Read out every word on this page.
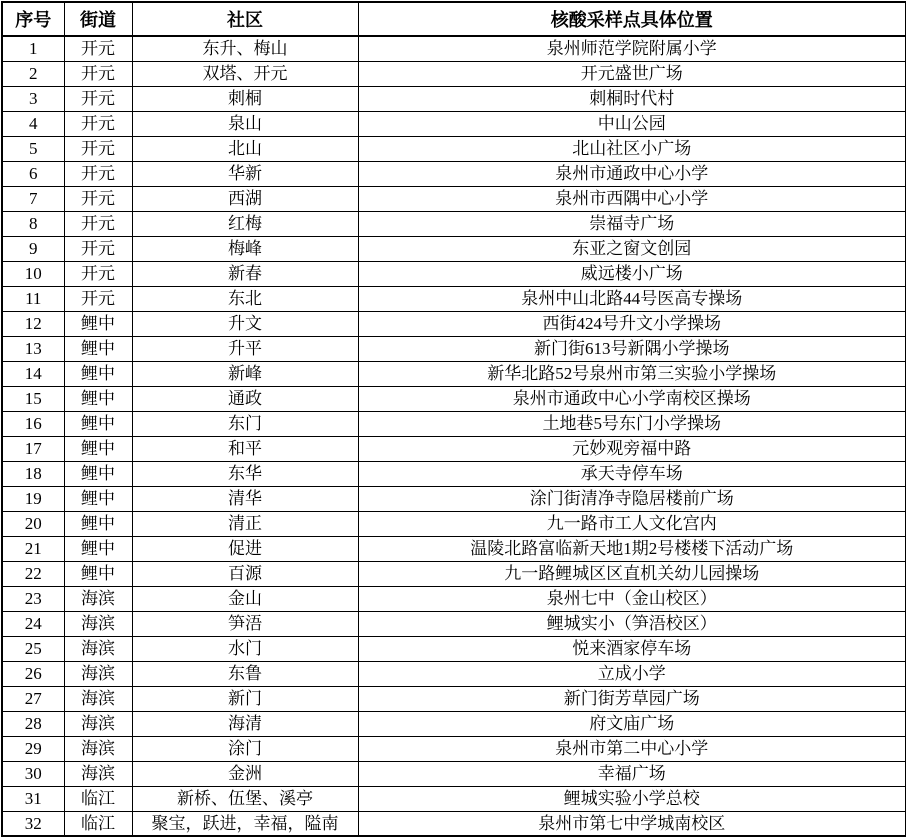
序号	街道	社区	核酸采样点具体位置
1	开元	东升、梅山	泉州师范学院附属小学
2	开元	双塔、开元	开元盛世广场
3	开元	刺桐	刺桐时代村
4	开元	泉山	中山公园
5	开元	北山	北山社区小广场
6	开元	华新	泉州市通政中心小学
7	开元	西湖	泉州市西隅中心小学
8	开元	红梅	崇福寺广场
9	开元	梅峰	东亚之窗文创园
10	开元	新春	威远楼小广场
11	开元	东北	泉州中山北路44号医高专操场
12	鲤中	升文	西街424号升文小学操场
13	鲤中	升平	新门街613号新隅小学操场
14	鲤中	新峰	新华北路52号泉州市第三实验小学操场
15	鲤中	通政	泉州市通政中心小学南校区操场
16	鲤中	东门	土地巷5号东门小学操场
17	鲤中	和平	元妙观旁福中路
18	鲤中	东华	承天寺停车场
19	鲤中	清华	涂门街清净寺隐居楼前广场
20	鲤中	清正	九一路市工人文化宫内
21	鲤中	促进	温陵北路富临新天地1期2号楼楼下活动广场
22	鲤中	百源	九一路鲤城区区直机关幼儿园操场
23	海滨	金山	泉州七中（金山校区）
24	海滨	笋浯	鲤城实小（笋浯校区）
25	海滨	水门	悦来酒家停车场
26	海滨	东鲁	立成小学
27	海滨	新门	新门街芳草园广场
28	海滨	海清	府文庙广场
29	海滨	涂门	泉州市第二中心小学
30	海滨	金洲	幸福广场
31	临江	新桥、伍堡、溪亭	鲤城实验小学总校
32	临江	聚宝，跃进，幸福，隘南	泉州市第七中学城南校区
